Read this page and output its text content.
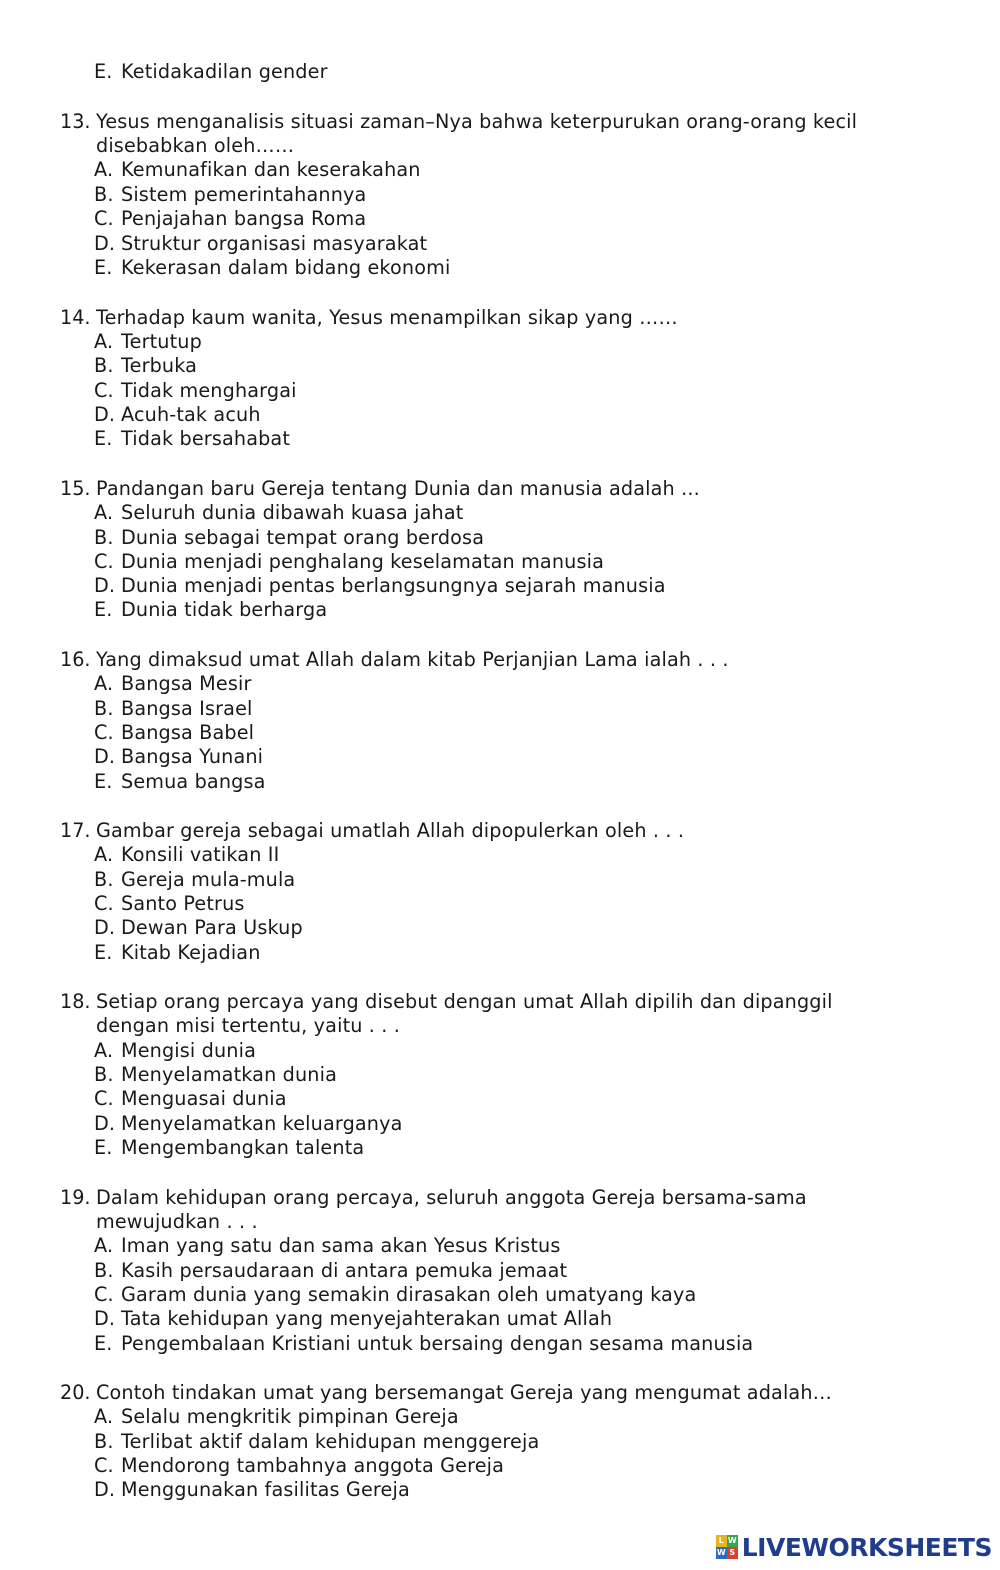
E. Ketidakadilan gender
13. Yesus menganalisis situasi zaman–Nya bahwa keterpurukan orang-orang kecil
disebabkan oleh……
A. Kemunafikan dan keserakahan
B. Sistem pemerintahannya
C. Penjajahan bangsa Roma
D. Struktur organisasi masyarakat
E. Kekerasan dalam bidang ekonomi
14. Terhadap kaum wanita, Yesus menampilkan sikap yang ……
A. Tertutup
B. Terbuka
C. Tidak menghargai
D. Acuh-tak acuh
E. Tidak bersahabat
15. Pandangan baru Gereja tentang Dunia dan manusia adalah ...
A. Seluruh dunia dibawah kuasa jahat
B. Dunia sebagai tempat orang berdosa
C. Dunia menjadi penghalang keselamatan manusia
D. Dunia menjadi pentas berlangsungnya sejarah manusia
E. Dunia tidak berharga
16. Yang dimaksud umat Allah dalam kitab Perjanjian Lama ialah . . .
A. Bangsa Mesir
B. Bangsa Israel
C. Bangsa Babel
D. Bangsa Yunani
E. Semua bangsa
17. Gambar gereja sebagai umatlah Allah dipopulerkan oleh . . .
A. Konsili vatikan II
B. Gereja mula-mula
C. Santo Petrus
D. Dewan Para Uskup
E. Kitab Kejadian
18. Setiap orang percaya yang disebut dengan umat Allah dipilih dan dipanggil
dengan misi tertentu, yaitu . . .
A. Mengisi dunia
B. Menyelamatkan dunia
C. Menguasai dunia
D. Menyelamatkan keluarganya
E. Mengembangkan talenta
19. Dalam kehidupan orang percaya, seluruh anggota Gereja bersama-sama
mewujudkan . . .
A. Iman yang satu dan sama akan Yesus Kristus
B. Kasih persaudaraan di antara pemuka jemaat
C. Garam dunia yang semakin dirasakan oleh umatyang kaya
D. Tata kehidupan yang menyejahterakan umat Allah
E. Pengembalaan Kristiani untuk bersaing dengan sesama manusia
20. Contoh tindakan umat yang bersemangat Gereja yang mengumat adalah…
A. Selalu mengkritik pimpinan Gereja
B. Terlibat aktif dalam kehidupan menggereja
C. Mendorong tambahnya anggota Gereja
D. Menggunakan fasilitas Gereja
L W
W S LIVEWORKSHEETS
